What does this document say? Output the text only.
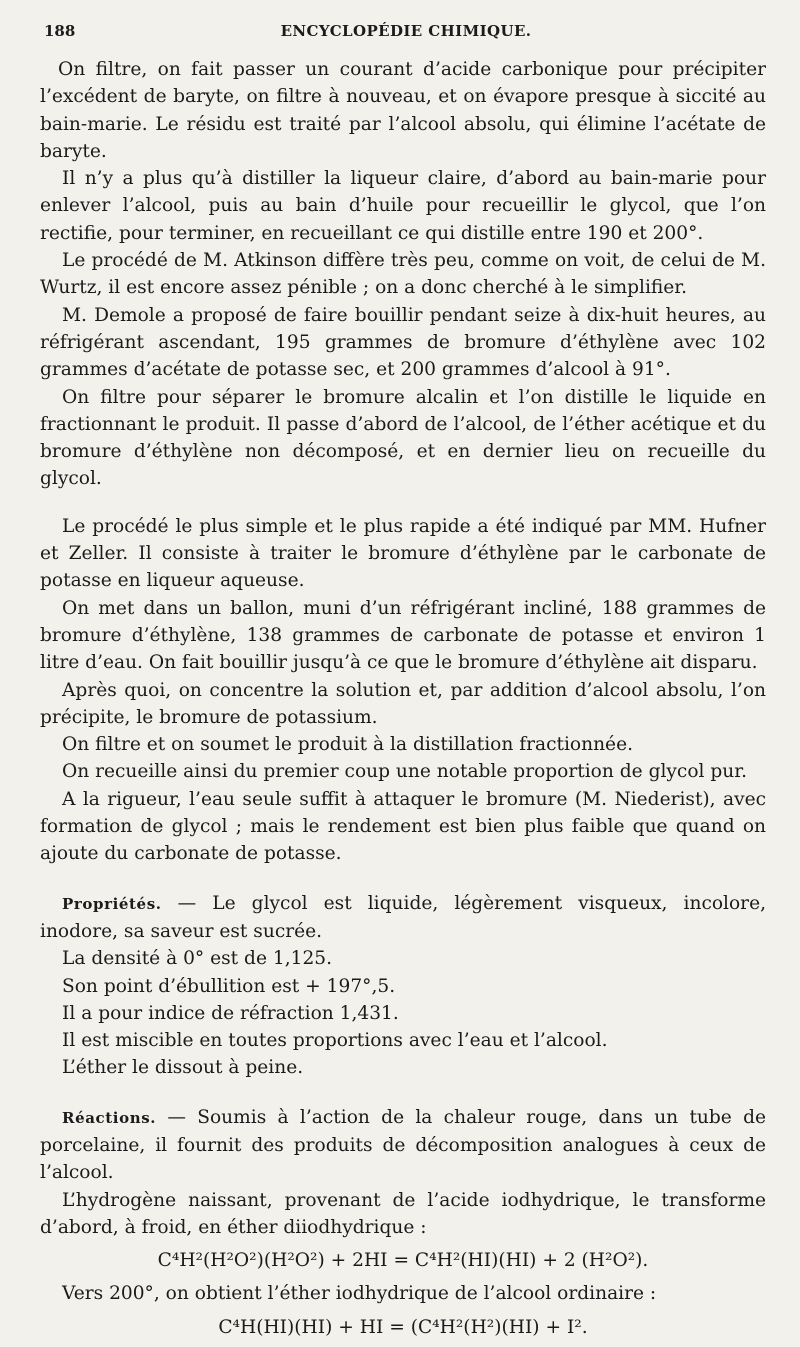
188	ENCYCLOPÉDIE CHIMIQUE.

On filtre, on fait passer un courant d’acide carbonique pour précipiter l’excédent de baryte, on filtre à nouveau, et on évapore presque à siccité au bain-marie. Le résidu est traité par l’alcool absolu, qui élimine l’acétate de baryte.

Il n’y a plus qu’à distiller la liqueur claire, d’abord au bain-marie pour enlever l’alcool, puis au bain d’huile pour recueillir le glycol, que l’on rectifie, pour terminer, en recueillant ce qui distille entre 190 et 200°.

Le procédé de M. Atkinson diffère très peu, comme on voit, de celui de M. Wurtz, il est encore assez pénible ; on a donc cherché à le simplifier.

M. Demole a proposé de faire bouillir pendant seize à dix-huit heures, au réfrigérant ascendant, 195 grammes de bromure d’éthylène avec 102 grammes d’acétate de potasse sec, et 200 grammes d’alcool à 91°.

On filtre pour séparer le bromure alcalin et l’on distille le liquide en fractionnant le produit. Il passe d’abord de l’alcool, de l’éther acétique et du bromure d’éthylène non décomposé, et en dernier lieu on recueille du glycol.

Le procédé le plus simple et le plus rapide a été indiqué par MM. Hufner et Zeller. Il consiste à traiter le bromure d’éthylène par le carbonate de potasse en liqueur aqueuse.

On met dans un ballon, muni d’un réfrigérant incliné, 188 grammes de bromure d’éthylène, 138 grammes de carbonate de potasse et environ 1 litre d’eau. On fait bouillir jusqu’à ce que le bromure d’éthylène ait disparu.

Après quoi, on concentre la solution et, par addition d’alcool absolu, l’on précipite, le bromure de potassium.

On filtre et on soumet le produit à la distillation fractionnée.

On recueille ainsi du premier coup une notable proportion de glycol pur.

A la rigueur, l’eau seule suffit à attaquer le bromure (M. Niederist), avec formation de glycol ; mais le rendement est bien plus faible que quand on ajoute du carbonate de potasse.

Propriétés. — Le glycol est liquide, légèrement visqueux, incolore, inodore, sa saveur est sucrée.

La densité à 0° est de 1,125.

Son point d’ébullition est + 197°,5.

Il a pour indice de réfraction 1,431.

Il est miscible en toutes proportions avec l’eau et l’alcool.

L’éther le dissout à peine.

Réactions. — Soumis à l’action de la chaleur rouge, dans un tube de porcelaine, il fournit des produits de décomposition analogues à ceux de l’alcool.

L’hydrogène naissant, provenant de l’acide iodhydrique, le transforme d’abord, à froid, en éther diiodhydrique :

C⁴H²(H²O²)(H²O²) + 2HI = C⁴H²(HI)(HI) + 2 (H²O²).

Vers 200°, on obtient l’éther iodhydrique de l’alcool ordinaire :

C⁴H(HI)(HI) + HI = (C⁴H²(H²)(HI) + I².
